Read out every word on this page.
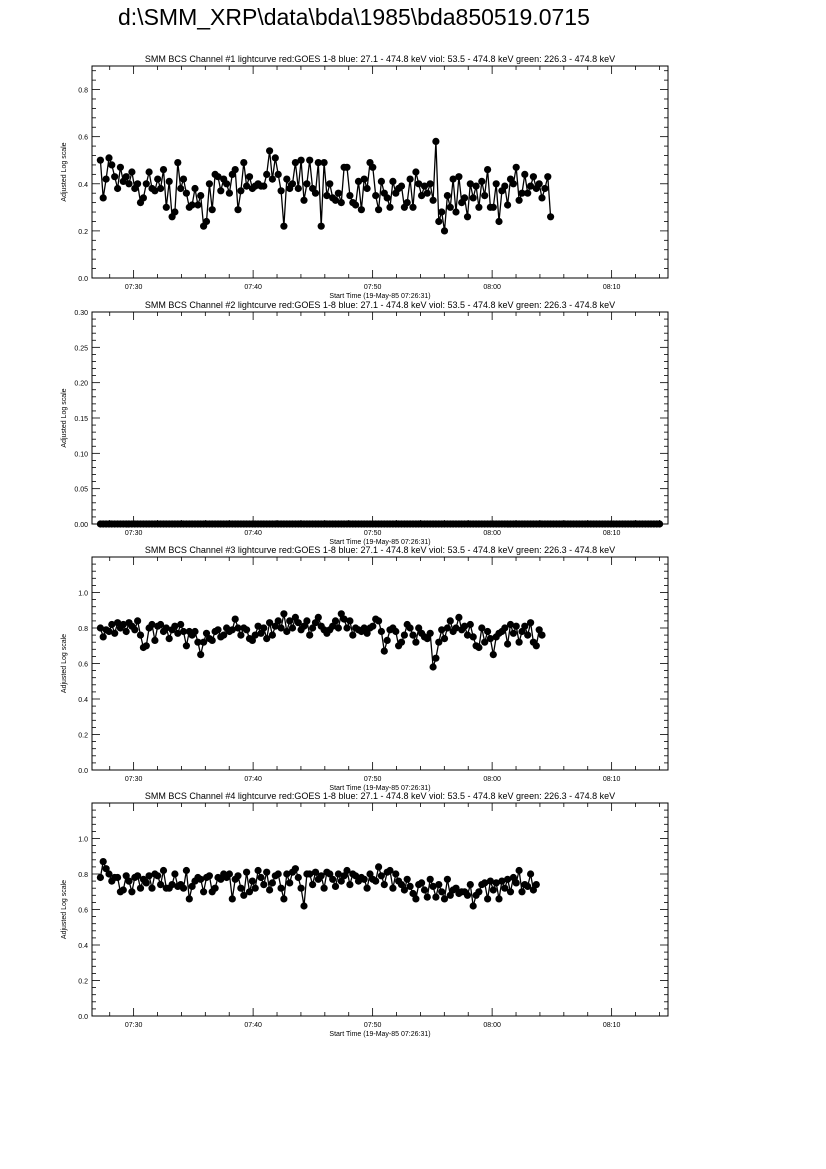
d:\SMM_XRP\data\bda\1985\bda850519.0715
SMM BCS Channel #1 lightcurve red:GOES 1-8 blue: 27.1 - 474.8 keV viol: 53.5 - 474.8 keV green: 226.3 - 474.8 keV
0.0
0.2
0.4
0.6
0.8
07:30	07:40	07:50	08:00	08:10
Start Time (19-May-85 07:26:31)
Adjusted Log scale
SMM BCS Channel #2 lightcurve red:GOES 1-8 blue: 27.1 - 474.8 keV viol: 53.5 - 474.8 keV green: 226.3 - 474.8 keV
0.00
0.05
0.10
0.15
0.20
0.25
0.30
07:30	07:40	07:50	08:00	08:10
Start Time (19-May-85 07:26:31)
Adjusted Log scale
SMM BCS Channel #3 lightcurve red:GOES 1-8 blue: 27.1 - 474.8 keV viol: 53.5 - 474.8 keV green: 226.3 - 474.8 keV
0.0
0.2
0.4
0.6
0.8
1.0
07:30	07:40	07:50	08:00	08:10
Start Time (19-May-85 07:26:31)
Adjusted Log scale
SMM BCS Channel #4 lightcurve red:GOES 1-8 blue: 27.1 - 474.8 keV viol: 53.5 - 474.8 keV green: 226.3 - 474.8 keV
0.0
0.2
0.4
0.6
0.8
1.0
07:30	07:40	07:50	08:00	08:10
Start Time (19-May-85 07:26:31)
Adjusted Log scale
